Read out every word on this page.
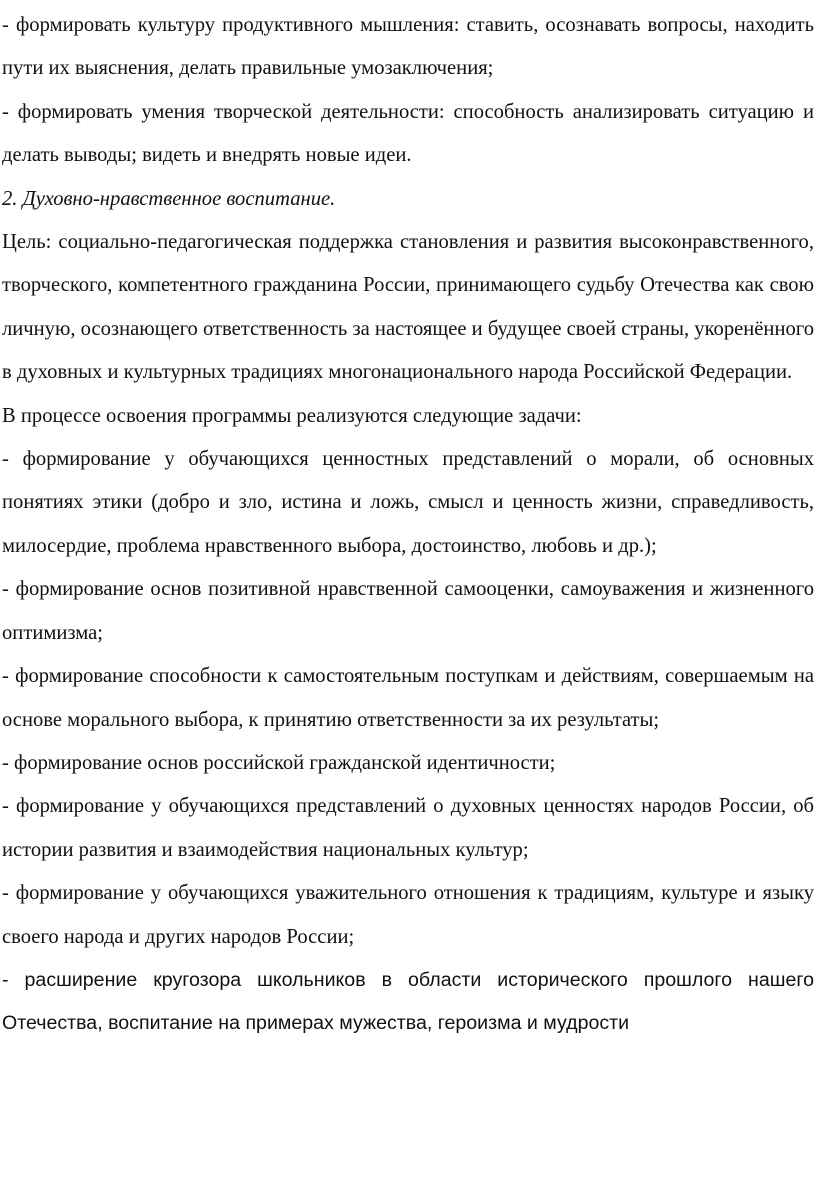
- формировать культуру продуктивного мышления: ставить, осознавать вопросы, находить пути их выяснения, делать правильные умозаключения;

- формировать умения творческой деятельности: способность анализировать ситуацию и делать выводы; видеть и внедрять новые идеи.

2. Духовно-нравственное воспитание.

Цель: социально-педагогическая поддержка становления и развития высоконравственного, творческого, компетентного гражданина России, принимающего судьбу Отечества как свою личную, осознающего ответственность за настоящее и будущее своей страны, укоренённого в духовных и культурных традициях многонационального народа Российской Федерации.

В процессе освоения программы реализуются следующие задачи:

- формирование у обучающихся ценностных представлений о морали, об основных понятиях этики (добро и зло, истина и ложь, смысл и ценность жизни, справедливость, милосердие, проблема нравственного выбора, достоинство, любовь и др.);

- формирование основ позитивной нравственной самооценки, самоуважения и жизненного оптимизма;

- формирование способности к самостоятельным поступкам и действиям, совершаемым на основе морального выбора, к принятию ответственности за их результаты;

- формирование основ российской гражданской идентичности;

- формирование у обучающихся представлений о духовных ценностях народов России, об истории развития и взаимодействия национальных культур;

- формирование у обучающихся уважительного отношения к традициям, культуре и языку своего народа и других народов России;

- расширение кругозора школьников в области исторического прошлого нашего Отечества, воспитание на примерах мужества, героизма и мудрости
